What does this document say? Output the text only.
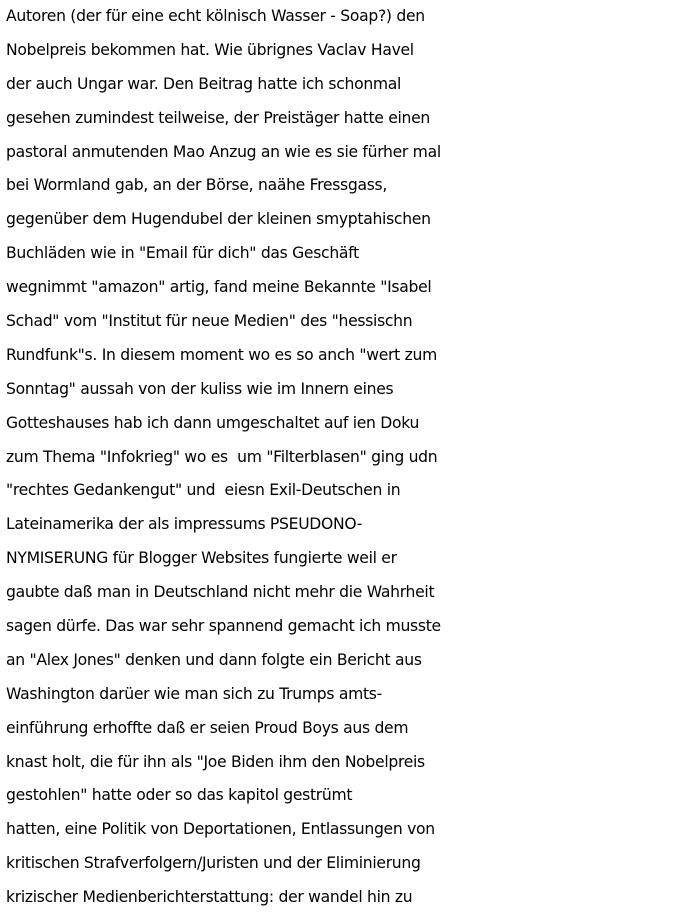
Autoren (der für eine echt kölnisch Wasser - Soap?) den
Nobelpreis bekommen hat. Wie übrignes Vaclav Havel
der auch Ungar war. Den Beitrag hatte ich schonmal
gesehen zumindest teilweise, der Preistäger hatte einen
pastoral anmutenden Mao Anzug an wie es sie fürher mal
bei Wormland gab, an der Börse, naähe Fressgass,
gegenüber dem Hugendubel der kleinen smyptahischen
Buchläden wie in "Email für dich" das Geschäft
wegnimmt "amazon" artig, fand meine Bekannte "Isabel
Schad" vom "Institut für neue Medien" des "hessischn
Rundfunk"s. In diesem moment wo es so anch "wert zum
Sonntag" aussah von der kuliss wie im Innern eines
Gotteshauses hab ich dann umgeschaltet auf ien Doku
zum Thema "Infokrieg" wo es  um "Filterblasen" ging udn
"rechtes Gedankengut" und  eiesn Exil-Deutschen in
Lateinamerika der als impressums PSEUDONO-
NYMISERUNG für Blogger Websites fungierte weil er
gaubte daß man in Deutschland nicht mehr die Wahrheit
sagen dürfe. Das war sehr spannend gemacht ich musste
an "Alex Jones" denken und dann folgte ein Bericht aus
Washington darüer wie man sich zu Trumps amts-
einführung erhoffte daß er seien Proud Boys aus dem
knast holt, die für ihn als "Joe Biden ihm den Nobelpreis
gestohlen" hatte oder so das kapitol gestrümt
hatten, eine Politik von Deportationen, Entlassungen von
kritischen Strafverfolgern/Juristen und der Eliminierung
krizischer Medienberichterstattung: der wandel hin zu
